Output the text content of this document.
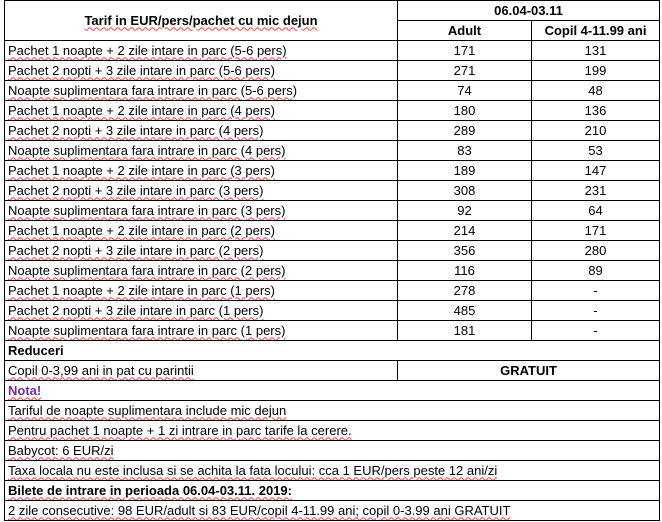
Tarif in EUR/pers/pachet cu mic dejun	06.04-03.11	
	Adult	Copil 4-11.99 ani
Pachet 1 noapte + 2 zile intare in parc (5-6 pers)	171	131
Pachet 2 nopti + 3 zile intare in parc (5-6 pers)	271	199
Noapte suplimentara fara intrare in parc (5-6 pers)	74	48
Pachet 1 noapte + 2 zile intare in parc (4 pers)	180	136
Pachet 2 nopti + 3 zile intare in parc (4 pers)	289	210
Noapte suplimentara fara intrare in parc (4 pers)	83	53
Pachet 1 noapte + 2 zile intare in parc (3 pers)	189	147
Pachet 2 nopti + 3 zile intare in parc (3 pers)	308	231
Noapte suplimentara fara intrare in parc (3 pers)	92	64
Pachet 1 noapte + 2 zile intare in parc (2 pers)	214	171
Pachet 2 nopti + 3 zile intare in parc (2 pers)	356	280
Noapte suplimentara fara intrare in parc (2 pers)	116	89
Pachet 1 noapte + 2 zile intare in parc (1 pers)	278	-
Pachet 2 nopti + 3 zile intare in parc (1 pers)	485	-
Noapte suplimentara fara intrare in parc (1 pers)	181	-
Reduceri		
Copil 0-3,99 ani in pat cu parintii	GRATUIT	
Nota!		
Tariful de noapte suplimentara include mic dejun		
Pentru pachet 1 noapte + 1 zi intrare in parc tarife la cerere.		
Babycot: 6 EUR/zi		
Taxa locala nu este inclusa si se achita la fata locului: cca 1 EUR/pers peste 12 ani/zi		
Bilete de intrare in perioada 06.04-03.11. 2019:		
2 zile consecutive: 98 EUR/adult si 83 EUR/copil 4-11.99 ani; copil 0-3.99 ani GRATUIT		
